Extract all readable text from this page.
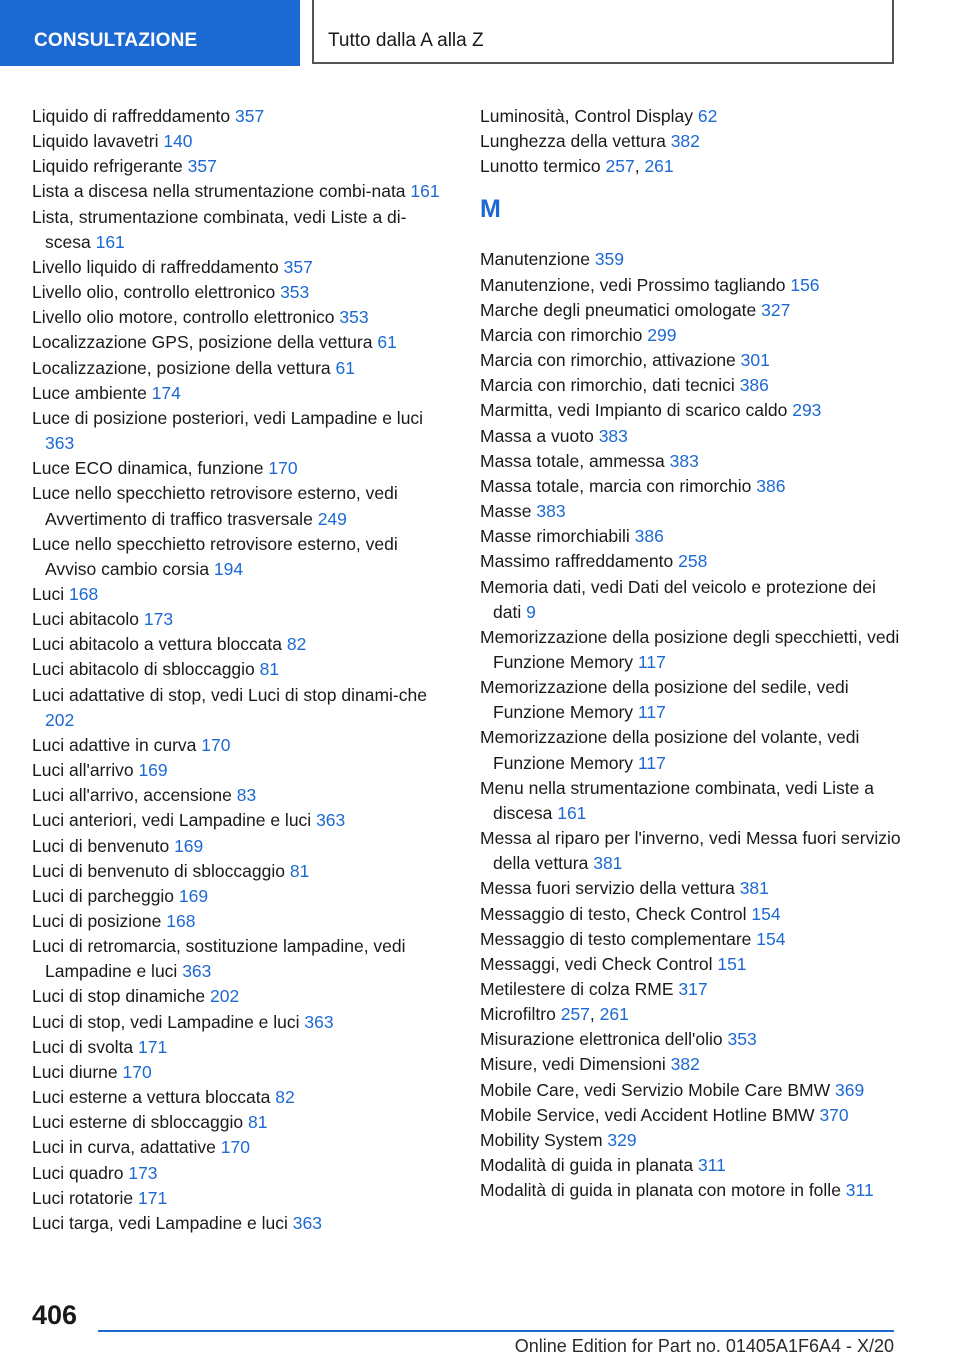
CONSULTAZIONE	Tutto dalla A alla Z
Liquido di raffreddamento 357
Liquido lavavetri 140
Liquido refrigerante 357
Lista a discesa nella strumentazione combi-nata 161
Lista, strumentazione combinata, vedi Liste a di-scesa 161
Livello liquido di raffreddamento 357
Livello olio, controllo elettronico 353
Livello olio motore, controllo elettronico 353
Localizzazione GPS, posizione della vettura 61
Localizzazione, posizione della vettura 61
Luce ambiente 174
Luce di posizione posteriori, vedi Lampadine e luci 363
Luce ECO dinamica, funzione 170
Luce nello specchietto retrovisore esterno, vedi Avvertimento di traffico trasversale 249
Luce nello specchietto retrovisore esterno, vedi Avviso cambio corsia 194
Luci 168
Luci abitacolo 173
Luci abitacolo a vettura bloccata 82
Luci abitacolo di sbloccaggio 81
Luci adattative di stop, vedi Luci di stop dinami-che 202
Luci adattive in curva 170
Luci all'arrivo 169
Luci all'arrivo, accensione 83
Luci anteriori, vedi Lampadine e luci 363
Luci di benvenuto 169
Luci di benvenuto di sbloccaggio 81
Luci di parcheggio 169
Luci di posizione 168
Luci di retromarcia, sostituzione lampadine, vedi Lampadine e luci 363
Luci di stop dinamiche 202
Luci di stop, vedi Lampadine e luci 363
Luci di svolta 171
Luci diurne 170
Luci esterne a vettura bloccata 82
Luci esterne di sbloccaggio 81
Luci in curva, adattative 170
Luci quadro 173
Luci rotatorie 171
Luci targa, vedi Lampadine e luci 363
Luminosità, Control Display 62
Lunghezza della vettura 382
Lunotto termico 257, 261
M
Manutenzione 359
Manutenzione, vedi Prossimo tagliando 156
Marche degli pneumatici omologate 327
Marcia con rimorchio 299
Marcia con rimorchio, attivazione 301
Marcia con rimorchio, dati tecnici 386
Marmitta, vedi Impianto di scarico caldo 293
Massa a vuoto 383
Massa totale, ammessa 383
Massa totale, marcia con rimorchio 386
Masse 383
Masse rimorchiabili 386
Massimo raffreddamento 258
Memoria dati, vedi Dati del veicolo e protezione dei dati 9
Memorizzazione della posizione degli specchietti, vedi Funzione Memory 117
Memorizzazione della posizione del sedile, vedi Funzione Memory 117
Memorizzazione della posizione del volante, vedi Funzione Memory 117
Menu nella strumentazione combinata, vedi Liste a discesa 161
Messa al riparo per l'inverno, vedi Messa fuori servizio della vettura 381
Messa fuori servizio della vettura 381
Messaggio di testo, Check Control 154
Messaggio di testo complementare 154
Messaggi, vedi Check Control 151
Metilestere di colza RME 317
Microfiltro 257, 261
Misurazione elettronica dell'olio 353
Misure, vedi Dimensioni 382
Mobile Care, vedi Servizio Mobile Care BMW 369
Mobile Service, vedi Accident Hotline BMW 370
Mobility System 329
Modalità di guida in planata 311
Modalità di guida in planata con motore in folle 311
406
Online Edition for Part no. 01405A1F6A4 - X/20
